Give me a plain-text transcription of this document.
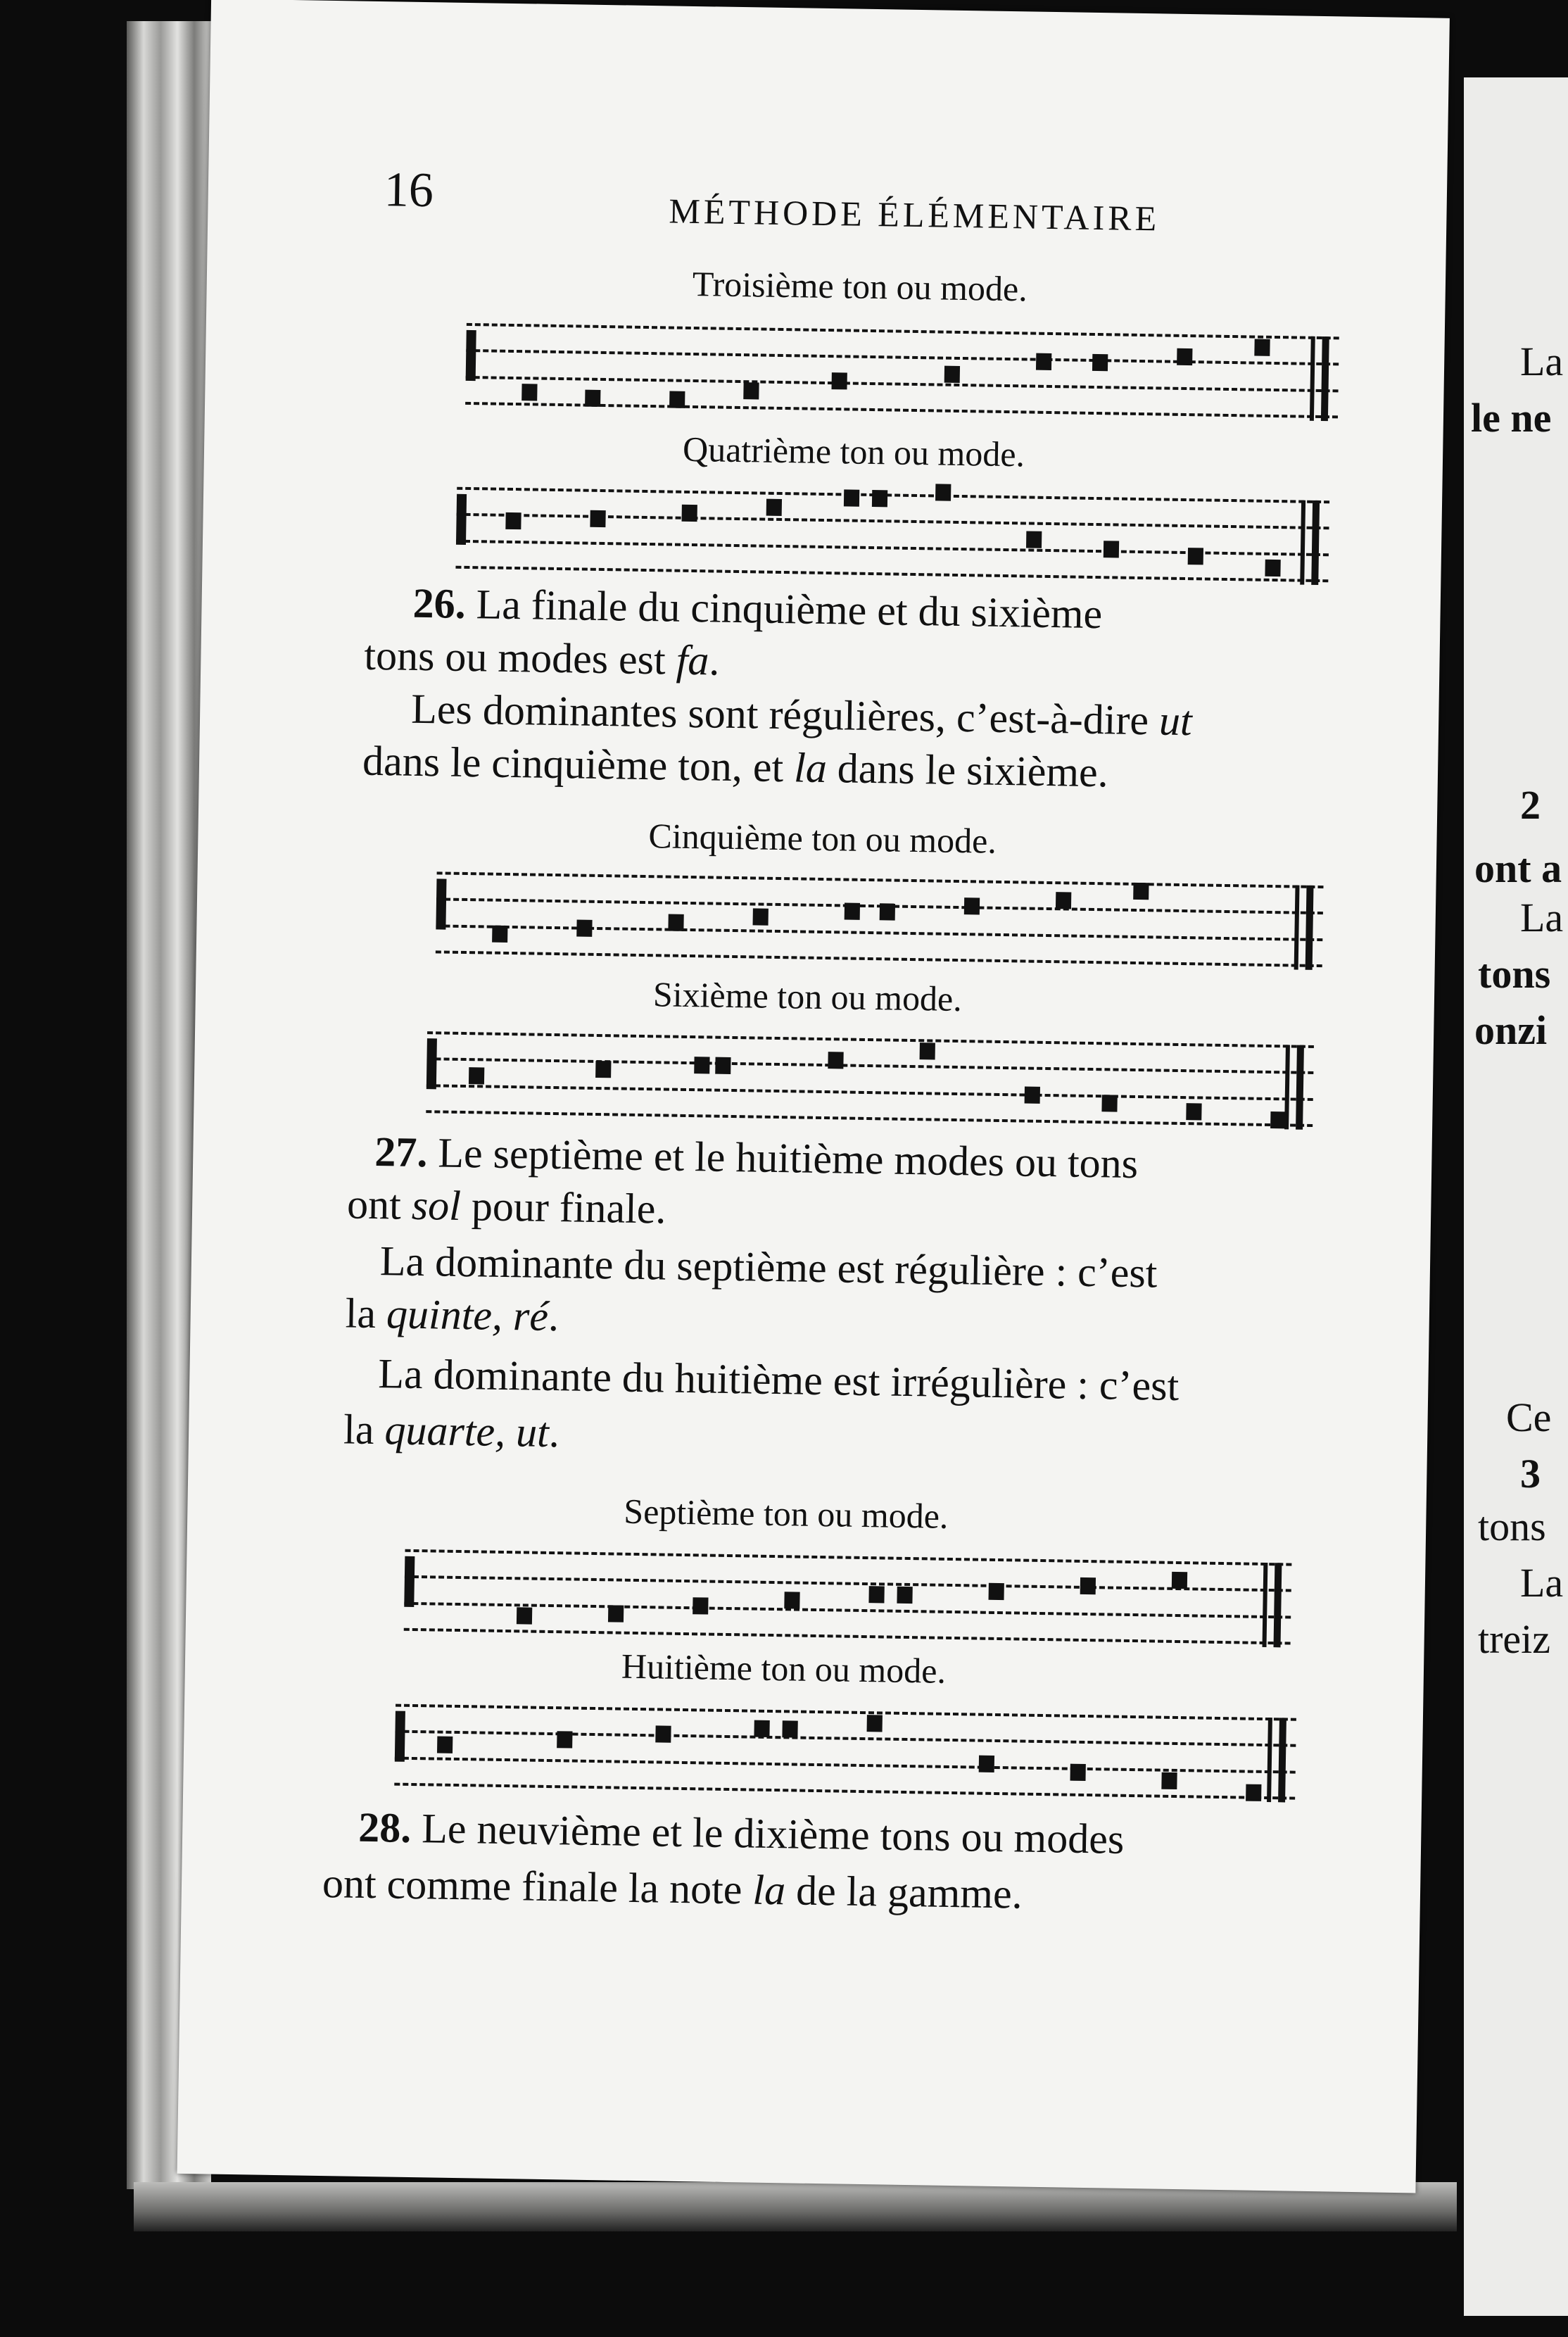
16	MÉTHODE ÉLÉMENTAIRE
Troisième ton ou mode.
Quatrième ton ou mode.
26. La finale du cinquième et du sixième
tons ou modes est fa.
Les dominantes sont régulières, c’est-à-dire ut
dans le cinquième ton, et la dans le sixième.
Cinquième ton ou mode.
Sixième ton ou mode.
27. Le septième et le huitième modes ou tons
ont sol pour finale.
La dominante du septième est régulière : c’est
la quinte, ré.
La dominante du huitième est irrégulière : c’est
la quarte, ut.
Septième ton ou mode.
Huitième ton ou mode.
28. Le neuvième et le dixième tons ou modes
ont comme finale la note la de la gamme.
La
le ne
2
ont a
La
tons
onzi
Ce
3
tons
La
treiz
